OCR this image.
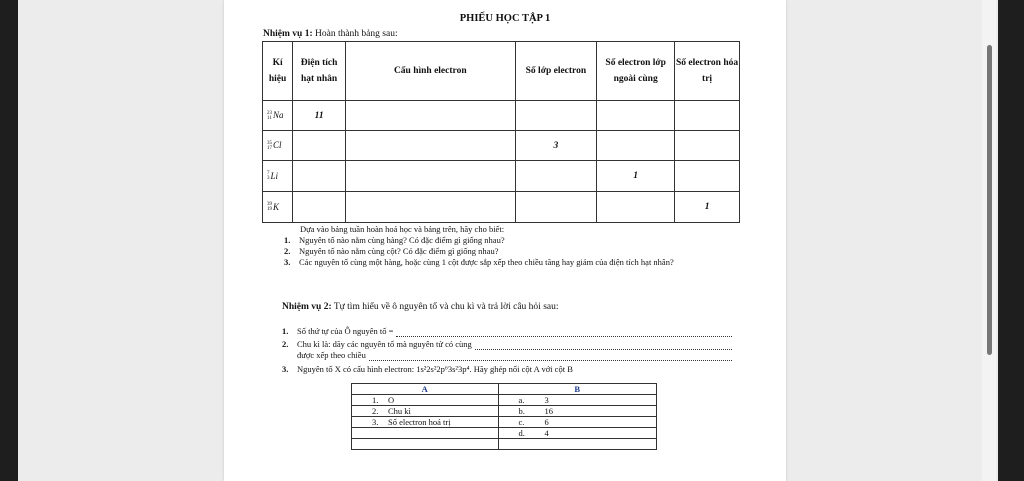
PHIẾU HỌC TẬP 1
Nhiệm vụ 1: Hoàn thành bảng sau:
Kí hiệu	Điện tích hạt nhân	Cấu hình electron	Số lớp electron	Số electron lớp ngoài cùng	Số electron hóa trị

23
11 Na	11				

35
17 Cl			3		

7
3 Li				1	

39
19 K					1
Dựa vào bảng tuần hoàn hoá học và bảng trên, hãy cho biết:
1.	Nguyên tố nào nằm cùng hàng? Có đặc điểm gì giống nhau?
2.	Nguyên tố nào nằm cùng cột? Có đặc điểm gì giống nhau?
3.	Các nguyên tố cùng một hàng, hoặc cùng 1 cột được sắp xếp theo chiều tăng hay giảm của điện tích hạt nhân?
Nhiệm vụ 2: Tự tìm hiểu về ô nguyên tố và chu kì và trả lời câu hỏi sau:
1.	Số thứ tự của Ô nguyên tố =
2.	Chu kì là: dãy các nguyên tố mà nguyên tử có cùng
được xếp theo chiều
3.	Nguyên tố X có cấu hình electron: 1s²2s²2p⁶3s²3p⁴. Hãy ghép nối cột A với cột B
A	B
1. O	a. 3
2. Chu kì	b. 16
3. Số electron hoá trị	c. 6
	d. 4
